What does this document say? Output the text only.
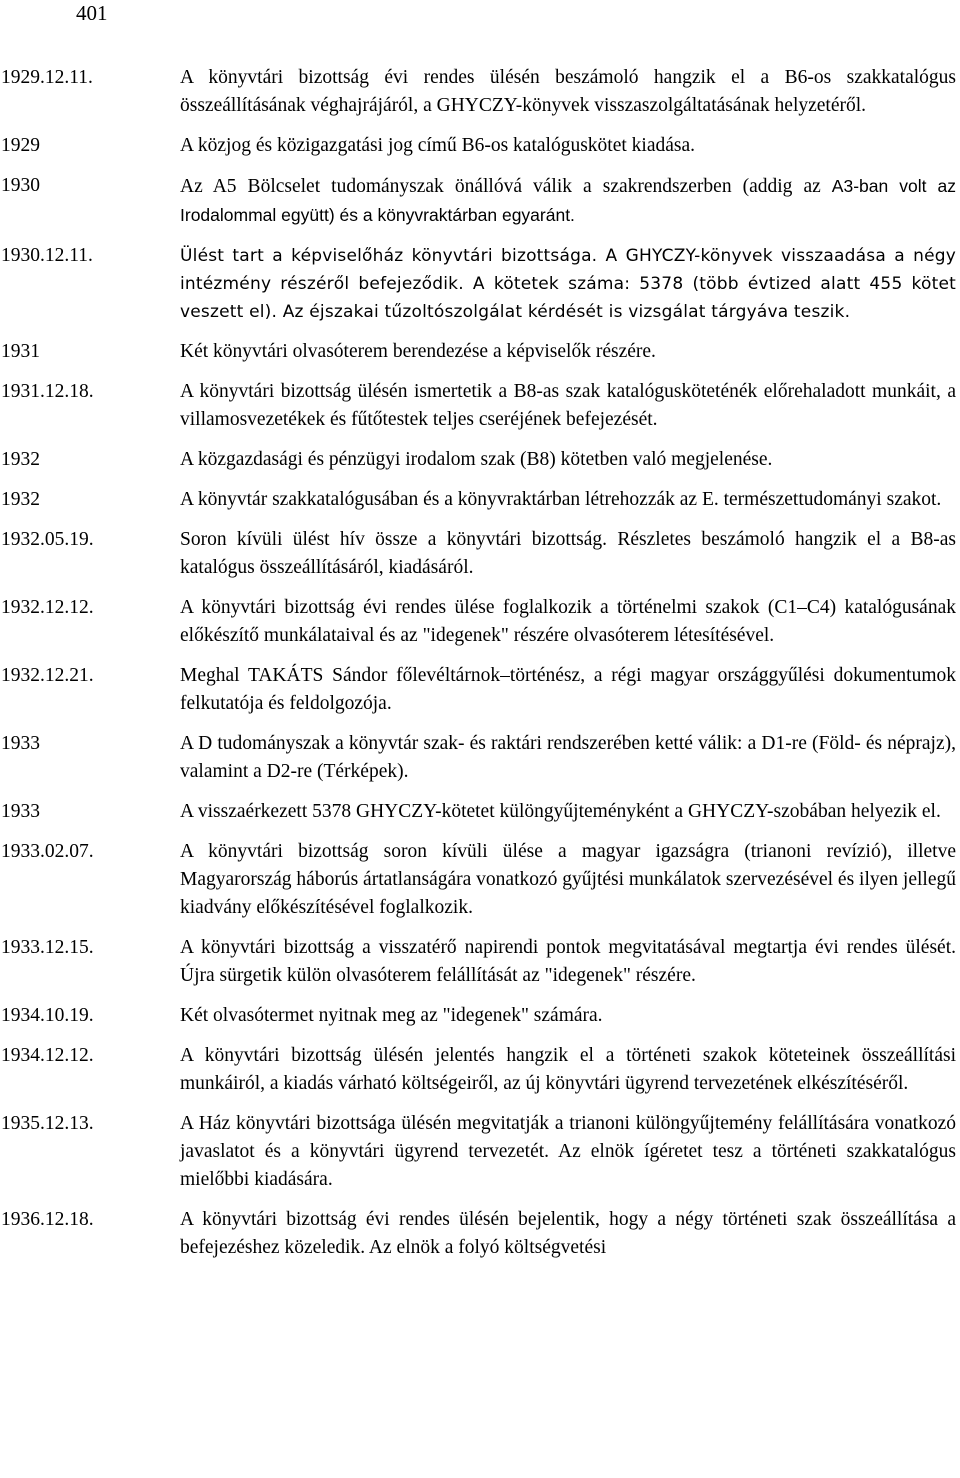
401
1929.12.11.	A könyvtári bizottság évi rendes ülésén beszámoló hangzik el a B6-os szakkatalógus összeállításának véghajrájáról, a GHYCZY-könyvek visszaszolgáltatásának helyzetéről.
1929	A közjog és közigazgatási jog című B6-os katalóguskötet kiadása.
1930	Az A5 Bölcselet tudományszak önállóvá válik a szakrendszerben (addig az A3-ban volt az Irodalommal együtt) és a könyvraktárban egyaránt.
1930.12.11.	Ülést tart a képviselőház könyvtári bizottsága. A GHYCZY-könyvek visszaadása a négy intézmény részéről befejeződik. A kötetek száma: 5378 (több évtized alatt 455 kötet veszett el). Az éjszakai tűzoltószolgálat kérdését is vizsgálat tárgyáva teszik.
1931	Két könyvtári olvasóterem berendezése a képviselők részére.
1931.12.18.	A könyvtári bizottság ülésén ismertetik a B8-as szak katalógusköteténék előrehaladott munkáit, a villamosvezetékek és fűtőtestek teljes cseréjének befejezését.
1932	A közgazdasági és pénzügyi irodalom szak (B8) kötetben való megjelenése.
1932	A könyvtár szakkatalógusában és a könyvraktárban létrehozzák az E. természettudományi szakot.
1932.05.19.	Soron kívüli ülést hív össze a könyvtári bizottság. Részletes beszámoló hangzik el a B8-as katalógus összeállításáról, kiadásáról.
1932.12.12.	A könyvtári bizottság évi rendes ülése foglalkozik a történelmi szakok (C1–C4) katalógusának előkészítő munkálataival és az "idegenek" részére olvasóterem létesítésével.
1932.12.21.	Meghal TAKÁTS Sándor főlevéltárnok–történész, a régi magyar országgyűlési dokumentumok felkutatója és feldolgozója.
1933	A D tudományszak a könyvtár szak- és raktári rendszerében ketté válik: a D1-re (Föld- és néprajz), valamint a D2-re (Térképek).
1933	A visszaérkezett 5378 GHYCZY-kötetet különgyűjteményként a GHYCZY-szobában helyezik el.
1933.02.07.	A könyvtári bizottság soron kívüli ülése a magyar igazságra (trianoni revízió), illetve Magyarország háborús ártatlanságára vonatkozó gyűjtési munkálatok szervezésével és ilyen jellegű kiadvány előkészítésével foglalkozik.
1933.12.15.	A könyvtári bizottság a visszatérő napirendi pontok megvitatásával megtartja évi rendes ülését. Újra sürgetik külön olvasóterem felállítását az "idegenek" részére.
1934.10.19.	Két olvasótermet nyitnak meg az "idegenek" számára.
1934.12.12.	A könyvtári bizottság ülésén jelentés hangzik el a történeti szakok köteteinek összeállítási munkáiról, a kiadás várható költségeiről, az új könyvtári ügyrend tervezetének elkészítéséről.
1935.12.13.	A Ház könyvtári bizottsága ülésén megvitatják a trianoni különgyűjtemény felállítására vonatkozó javaslatot és a könyvtári ügyrend tervezetét. Az elnök ígéretet tesz a történeti szakkatalógus mielőbbi kiadására.
1936.12.18.	A könyvtári bizottság évi rendes ülésén bejelentik, hogy a négy történeti szak összeállítása a befejezéshez közeledik. Az elnök a folyó költségvetési
